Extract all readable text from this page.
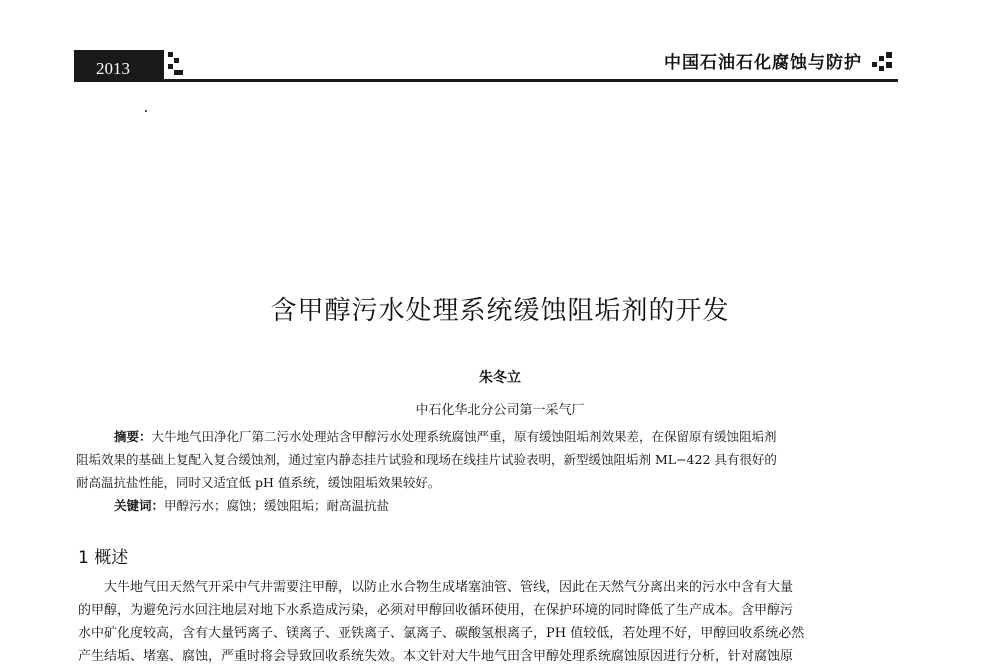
2013	中国石油石化腐蚀与防护
含甲醇污水处理系统缓蚀阻垢剂的开发
朱冬立
中石化华北分公司第一采气厂
摘要：大牛地气田净化厂第二污水处理站含甲醇污水处理系统腐蚀严重，原有缓蚀阻垢剂效果差，在保留原有缓蚀阻垢剂
阻垢效果的基础上复配入复合缓蚀剂，通过室内静态挂片试验和现场在线挂片试验表明，新型缓蚀阻垢剂 ML−422 具有很好的
耐高温抗盐性能，同时又适宜低 pH 值系统，缓蚀阻垢效果较好。
关键词：甲醇污水；腐蚀；缓蚀阻垢；耐高温抗盐
1 概述
大牛地气田天然气开采中气井需要注甲醇，以防止水合物生成堵塞油管、管线，因此在天然气分离出来的污水中含有大量
的甲醇，为避免污水回注地层对地下水系造成污染，必须对甲醇回收循环使用，在保护环境的同时降低了生产成本。含甲醇污
水中矿化度较高，含有大量钙离子、镁离子、亚铁离子、氯离子、碳酸氢根离子，PH 值较低，若处理不好，甲醇回收系统必然
产生结垢、堵塞、腐蚀，严重时将会导致回收系统失效。本文针对大牛地气田含甲醇处理系统腐蚀原因进行分析，针对腐蚀原
